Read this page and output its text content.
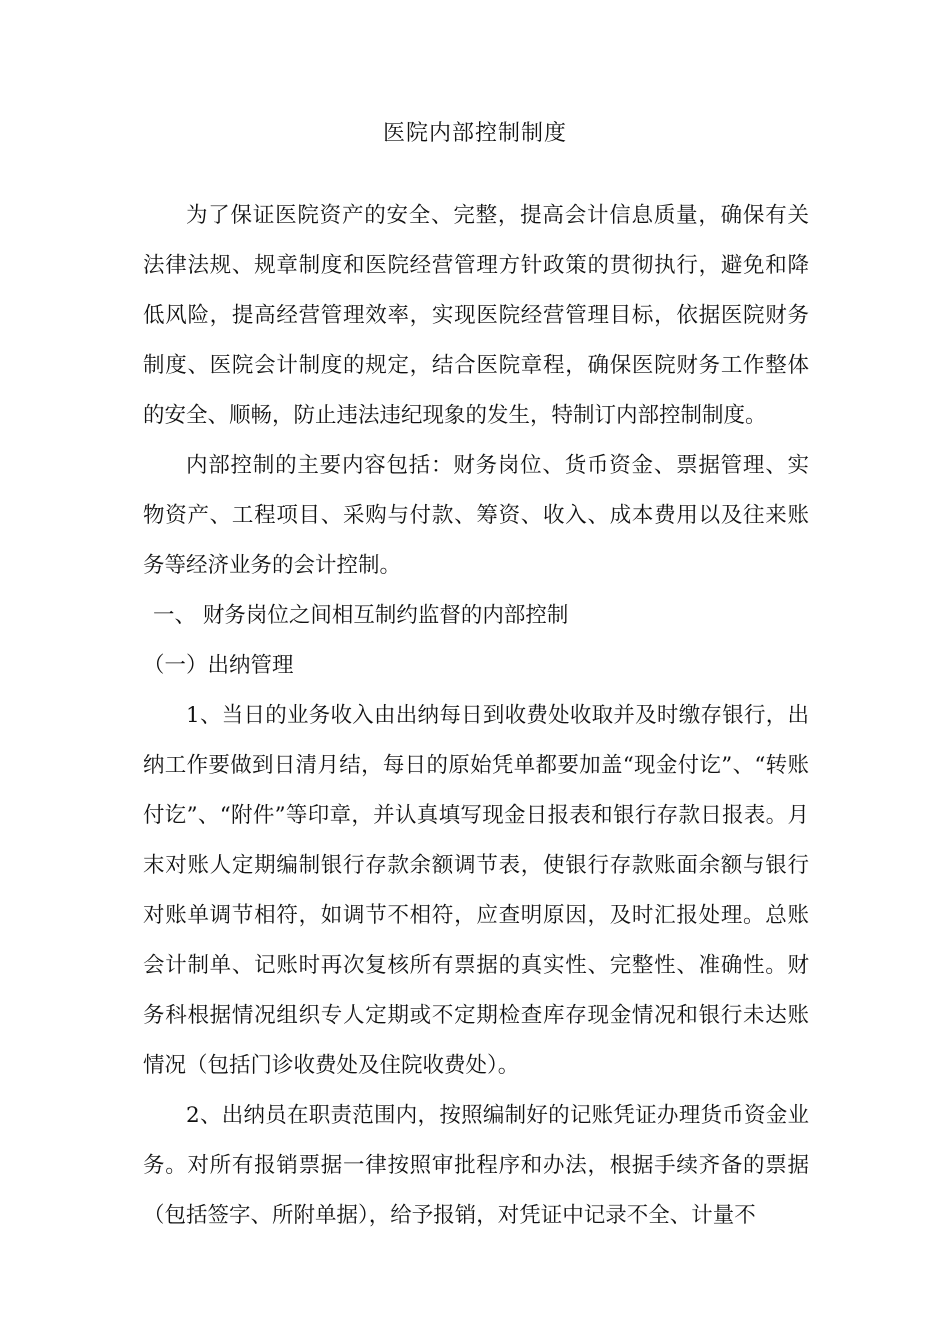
医院内部控制制度

为了保证医院资产的安全、完整，提高会计信息质量，确保有关法律法规、规章制度和医院经营管理方针政策的贯彻执行，避免和降低风险，提高经营管理效率，实现医院经营管理目标，依据医院财务制度、医院会计制度的规定，结合医院章程，确保医院财务工作整体的安全、顺畅，防止违法违纪现象的发生，特制订内部控制制度。

内部控制的主要内容包括：财务岗位、货币资金、票据管理、实物资产、工程项目、采购与付款、筹资、收入、成本费用以及往来账务等经济业务的会计控制。

一、 财务岗位之间相互制约监督的内部控制

（一）出纳管理

1、当日的业务收入由出纳每日到收费处收取并及时缴存银行，出纳工作要做到日清月结，每日的原始凭单都要加盖“现金付讫”、“转账付讫”、“附件”等印章，并认真填写现金日报表和银行存款日报表。月末对账人定期编制银行存款余额调节表，使银行存款账面余额与银行对账单调节相符，如调节不相符，应查明原因，及时汇报处理。总账会计制单、记账时再次复核所有票据的真实性、完整性、准确性。财务科根据情况组织专人定期或不定期检查库存现金情况和银行未达账情况（包括门诊收费处及住院收费处）。

2、出纳员在职责范围内，按照编制好的记账凭证办理货币资金业务。对所有报销票据一律按照审批程序和办法，根据手续齐备的票据（包括签字、所附单据），给予报销，对凭证中记录不全、计量不
